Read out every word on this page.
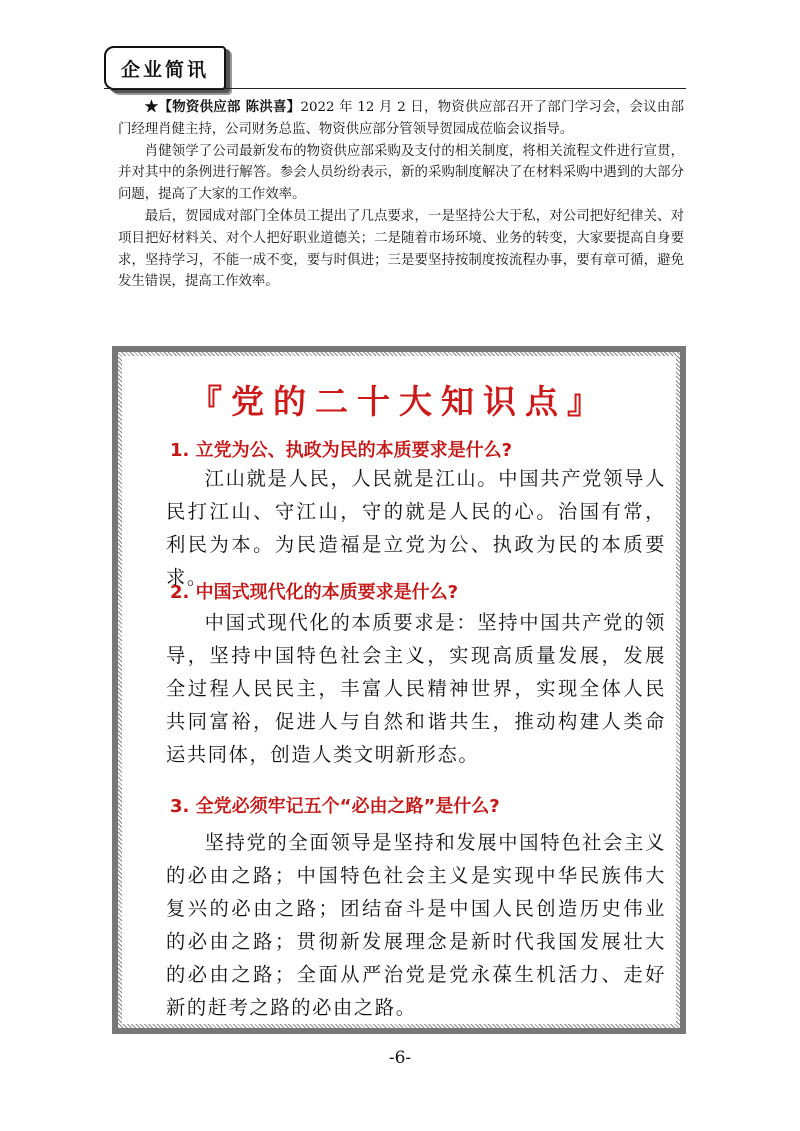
企业简讯

★【物资供应部 陈洪喜】2022 年 12 月 2 日，物资供应部召开了部门学习会，会议由部门经理肖健主持，公司财务总监、物资供应部分管领导贺园成莅临会议指导。

肖健领学了公司最新发布的物资供应部采购及支付的相关制度，将相关流程文件进行宣贯，并对其中的条例进行解答。参会人员纷纷表示，新的采购制度解决了在材料采购中遇到的大部分问题，提高了大家的工作效率。

最后，贺园成对部门全体员工提出了几点要求，一是坚持公大于私，对公司把好纪律关、对项目把好材料关、对个人把好职业道德关；二是随着市场环境、业务的转变，大家要提高自身要求，坚持学习，不能一成不变，要与时俱进；三是要坚持按制度按流程办事，要有章可循，避免发生错误，提高工作效率。

『党的二十大知识点』
1. 立党为公、执政为民的本质要求是什么?

江山就是人民，人民就是江山。中国共产党领导人民打江山、守江山，守的就是人民的心。治国有常，利民为本。为民造福是立党为公、执政为民的本质要求。

2. 中国式现代化的本质要求是什么?

中国式现代化的本质要求是：坚持中国共产党的领导，坚持中国特色社会主义，实现高质量发展，发展全过程人民民主，丰富人民精神世界，实现全体人民共同富裕，促进人与自然和谐共生，推动构建人类命运共同体，创造人类文明新形态。

3. 全党必须牢记五个“必由之路”是什么?

坚持党的全面领导是坚持和发展中国特色社会主义的必由之路；中国特色社会主义是实现中华民族伟大复兴的必由之路；团结奋斗是中国人民创造历史伟业的必由之路；贯彻新发展理念是新时代我国发展壮大的必由之路；全面从严治党是党永葆生机活力、走好新的赶考之路的必由之路。

-6-
